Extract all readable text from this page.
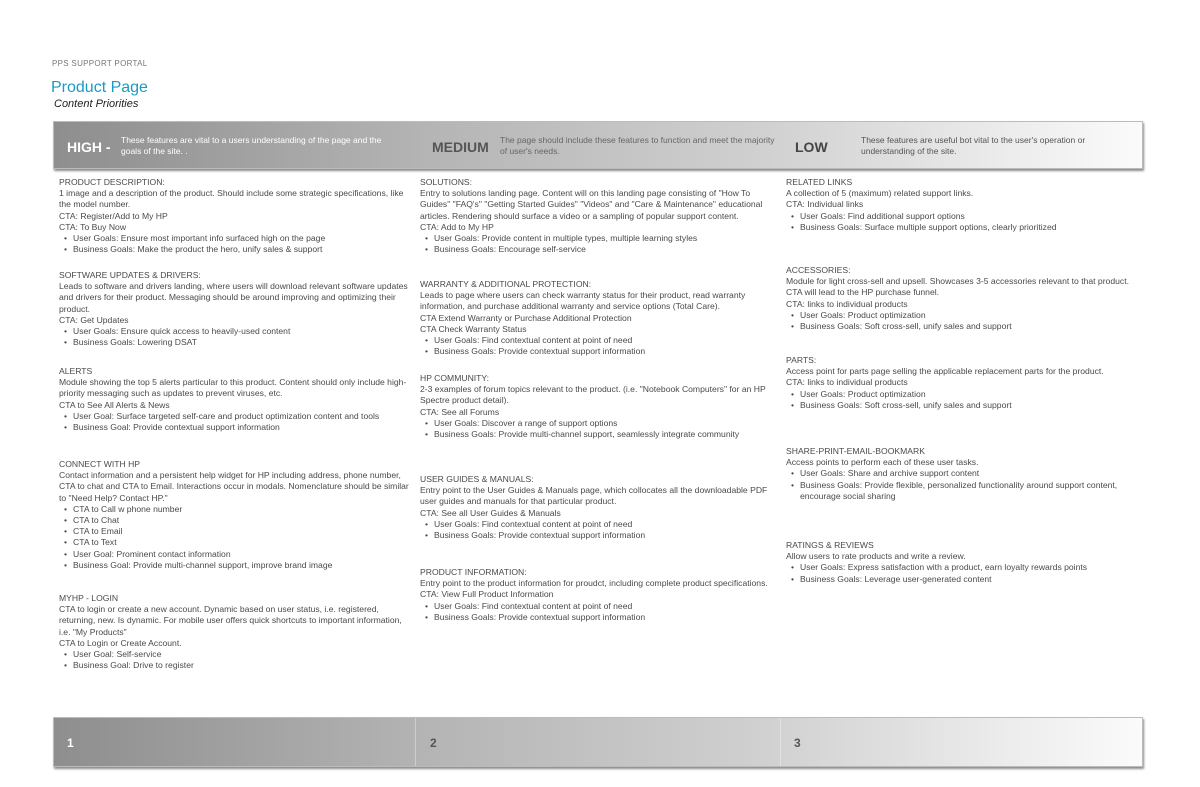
PPS SUPPORT PORTAL
Product Page
Content Priorities
HIGH - These features are vital to a users understanding of the page and the goals of the site. .	MEDIUM The page should include these features to function and meet the majority of user's needs.	LOW	These features are useful bot vital to the user's operation or understanding of the site.
PRODUCT DESCRIPTION:
1 image and a description of the product. Should include some strategic specifications, like the model number.
CTA: Register/Add to My HP
CTA: To Buy Now
• User Goals: Ensure most important info surfaced high on the page
• Business Goals: Make the product the hero, unify sales & support
SOFTWARE UPDATES & DRIVERS:
Leads to software and drivers landing, where users will download relevant software updates and drivers for their product. Messaging should be around improving and optimizing their product.
CTA: Get Updates
• User Goals: Ensure quick access to heavily-used content
• Business Goals: Lowering DSAT
ALERTS
Module showing the top 5 alerts particular to this product. Content should only include high-priority messaging such as updates to prevent viruses, etc.
CTA to See All Alerts & News
• User Goal: Surface targeted self-care and product optimization content and tools
• Business Goal: Provide contextual support information
CONNECT WITH HP
Contact information and a persistent help widget for HP including address, phone number, CTA to chat and CTA to Email. Interactions occur in modals. Nomenclature should be similar to "Need Help? Contact HP."
• CTA to Call w phone number
• CTA to Chat
• CTA to Email
• CTA to Text
• User Goal: Prominent contact information
• Business Goal: Provide multi-channel support, improve brand image
MYHP - LOGIN
CTA to login or create a new account. Dynamic based on user status, i.e. registered, returning, new. Is dynamic. For mobile user offers quick shortcuts to important information, i.e. "My Products"
CTA to Login or Create Account.
• User Goal: Self-service
• Business Goal: Drive to register
SOLUTIONS:
Entry to solutions landing page. Content will on this landing page consisting of "How To Guides" "FAQ's" "Getting Started Guides" "Videos" and "Care & Maintenance" educational articles. Rendering should surface a video or a sampling of popular support content.
CTA: Add to My HP
• User Goals: Provide content in multiple types, multiple learning styles
• Business Goals: Encourage self-service
WARRANTY & ADDITIONAL PROTECTION:
Leads to page where users can check warranty status for their product, read warranty information, and purchase additional warranty and service options (Total Care).
CTA Extend Warranty or Purchase Additional Protection
CTA Check Warranty Status
• User Goals: Find contextual content at point of need
• Business Goals: Provide contextual support information
HP COMMUNITY:
2-3 examples of forum topics relevant to the product. (i.e. "Notebook Computers" for an HP Spectre product detail).
CTA: See all Forums
• User Goals: Discover a range of support options
• Business Goals: Provide multi-channel support, seamlessly integrate community
USER GUIDES & MANUALS:
Entry point to the User Guides & Manuals page, which collocates all the downloadable PDF user guides and manuals for that particular product.
CTA: See all User Guides & Manuals
• User Goals: Find contextual content at point of need
• Business Goals: Provide contextual support information
PRODUCT INFORMATION:
Entry point to the product information for proudct, including complete product specifications.
CTA: View Full Product Information
• User Goals: Find contextual content at point of need
• Business Goals: Provide contextual support information
RELATED LINKS
A collection of 5 (maximum) related support links.
CTA: Individual links
• User Goals: Find additional support options
• Business Goals: Surface multiple support options, clearly prioritized
ACCESSORIES:
Module for light cross-sell and upsell. Showcases 3-5 accessories relevant to that product. CTA will lead to the HP purchase funnel.
CTA: links to individual products
• User Goals: Product optimization
• Business Goals: Soft cross-sell, unify sales and support
PARTS:
Access point for parts page selling the applicable replacement parts for the product.
CTA: links to individual products
• User Goals: Product optimization
• Business Goals: Soft cross-sell, unify sales and support
SHARE-PRINT-EMAIL-BOOKMARK
Access points to perform each of these user tasks.
• User Goals: Share and archive support content
• Business Goals: Provide flexible, personalized functionality around support content, encourage social sharing
RATINGS & REVIEWS
Allow users to rate products and write a review.
• User Goals: Express satisfaction with a product, earn loyalty rewards points
• Business Goals: Leverage user-generated content
1	2	3
